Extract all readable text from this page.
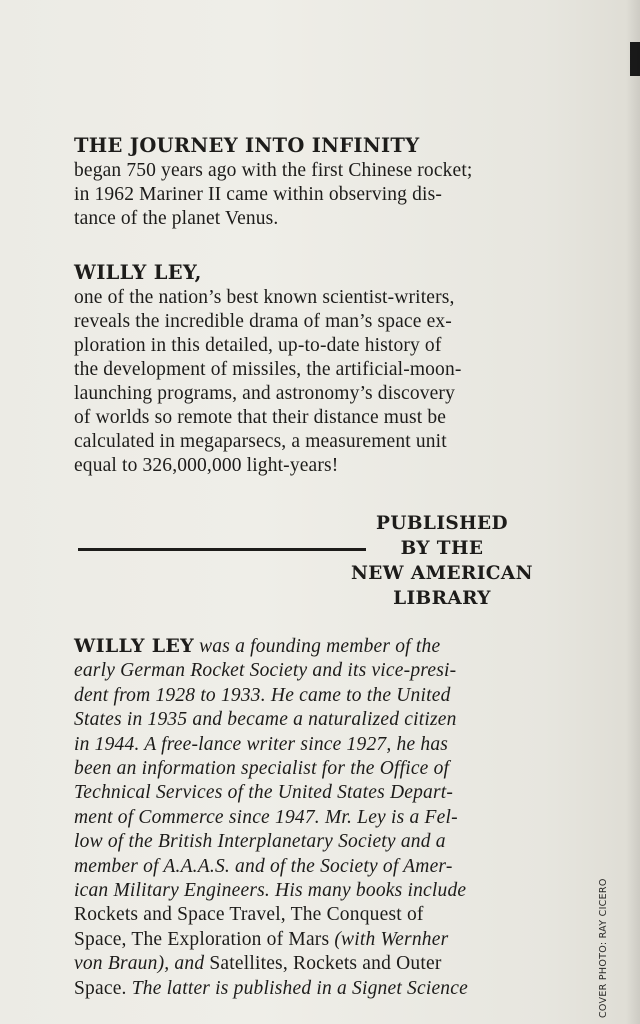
THE JOURNEY INTO INFINITY
began 750 years ago with the first Chinese rocket;
in 1962 Mariner II came within observing dis-
tance of the planet Venus.
WILLY LEY,
one of the nation’s best known scientist-writers,
reveals the incredible drama of man’s space ex-
ploration in this detailed, up-to-date history of
the development of missiles, the artificial-moon-
launching programs, and astronomy’s discovery
of worlds so remote that their distance must be
calculated in megaparsecs, a measurement unit
equal to 326,000,000 light-years!
PUBLISHED
BY THE
NEW AMERICAN
LIBRARY
WILLY LEY was a founding member of the
early German Rocket Society and its vice-presi-
dent from 1928 to 1933. He came to the United
States in 1935 and became a naturalized citizen
in 1944. A free-lance writer since 1927, he has
been an information specialist for the Office of
Technical Services of the United States Depart-
ment of Commerce since 1947. Mr. Ley is a Fel-
low of the British Interplanetary Society and a
member of A.A.A.S. and of the Society of Amer-
ican Military Engineers. His many books include
Rockets and Space Travel, The Conquest of
Space, The Exploration of Mars (with Wernher
von Braun), and Satellites, Rockets and Outer
Space. The latter is published in a Signet Science	COVER PHOTO: RAY CICERO
